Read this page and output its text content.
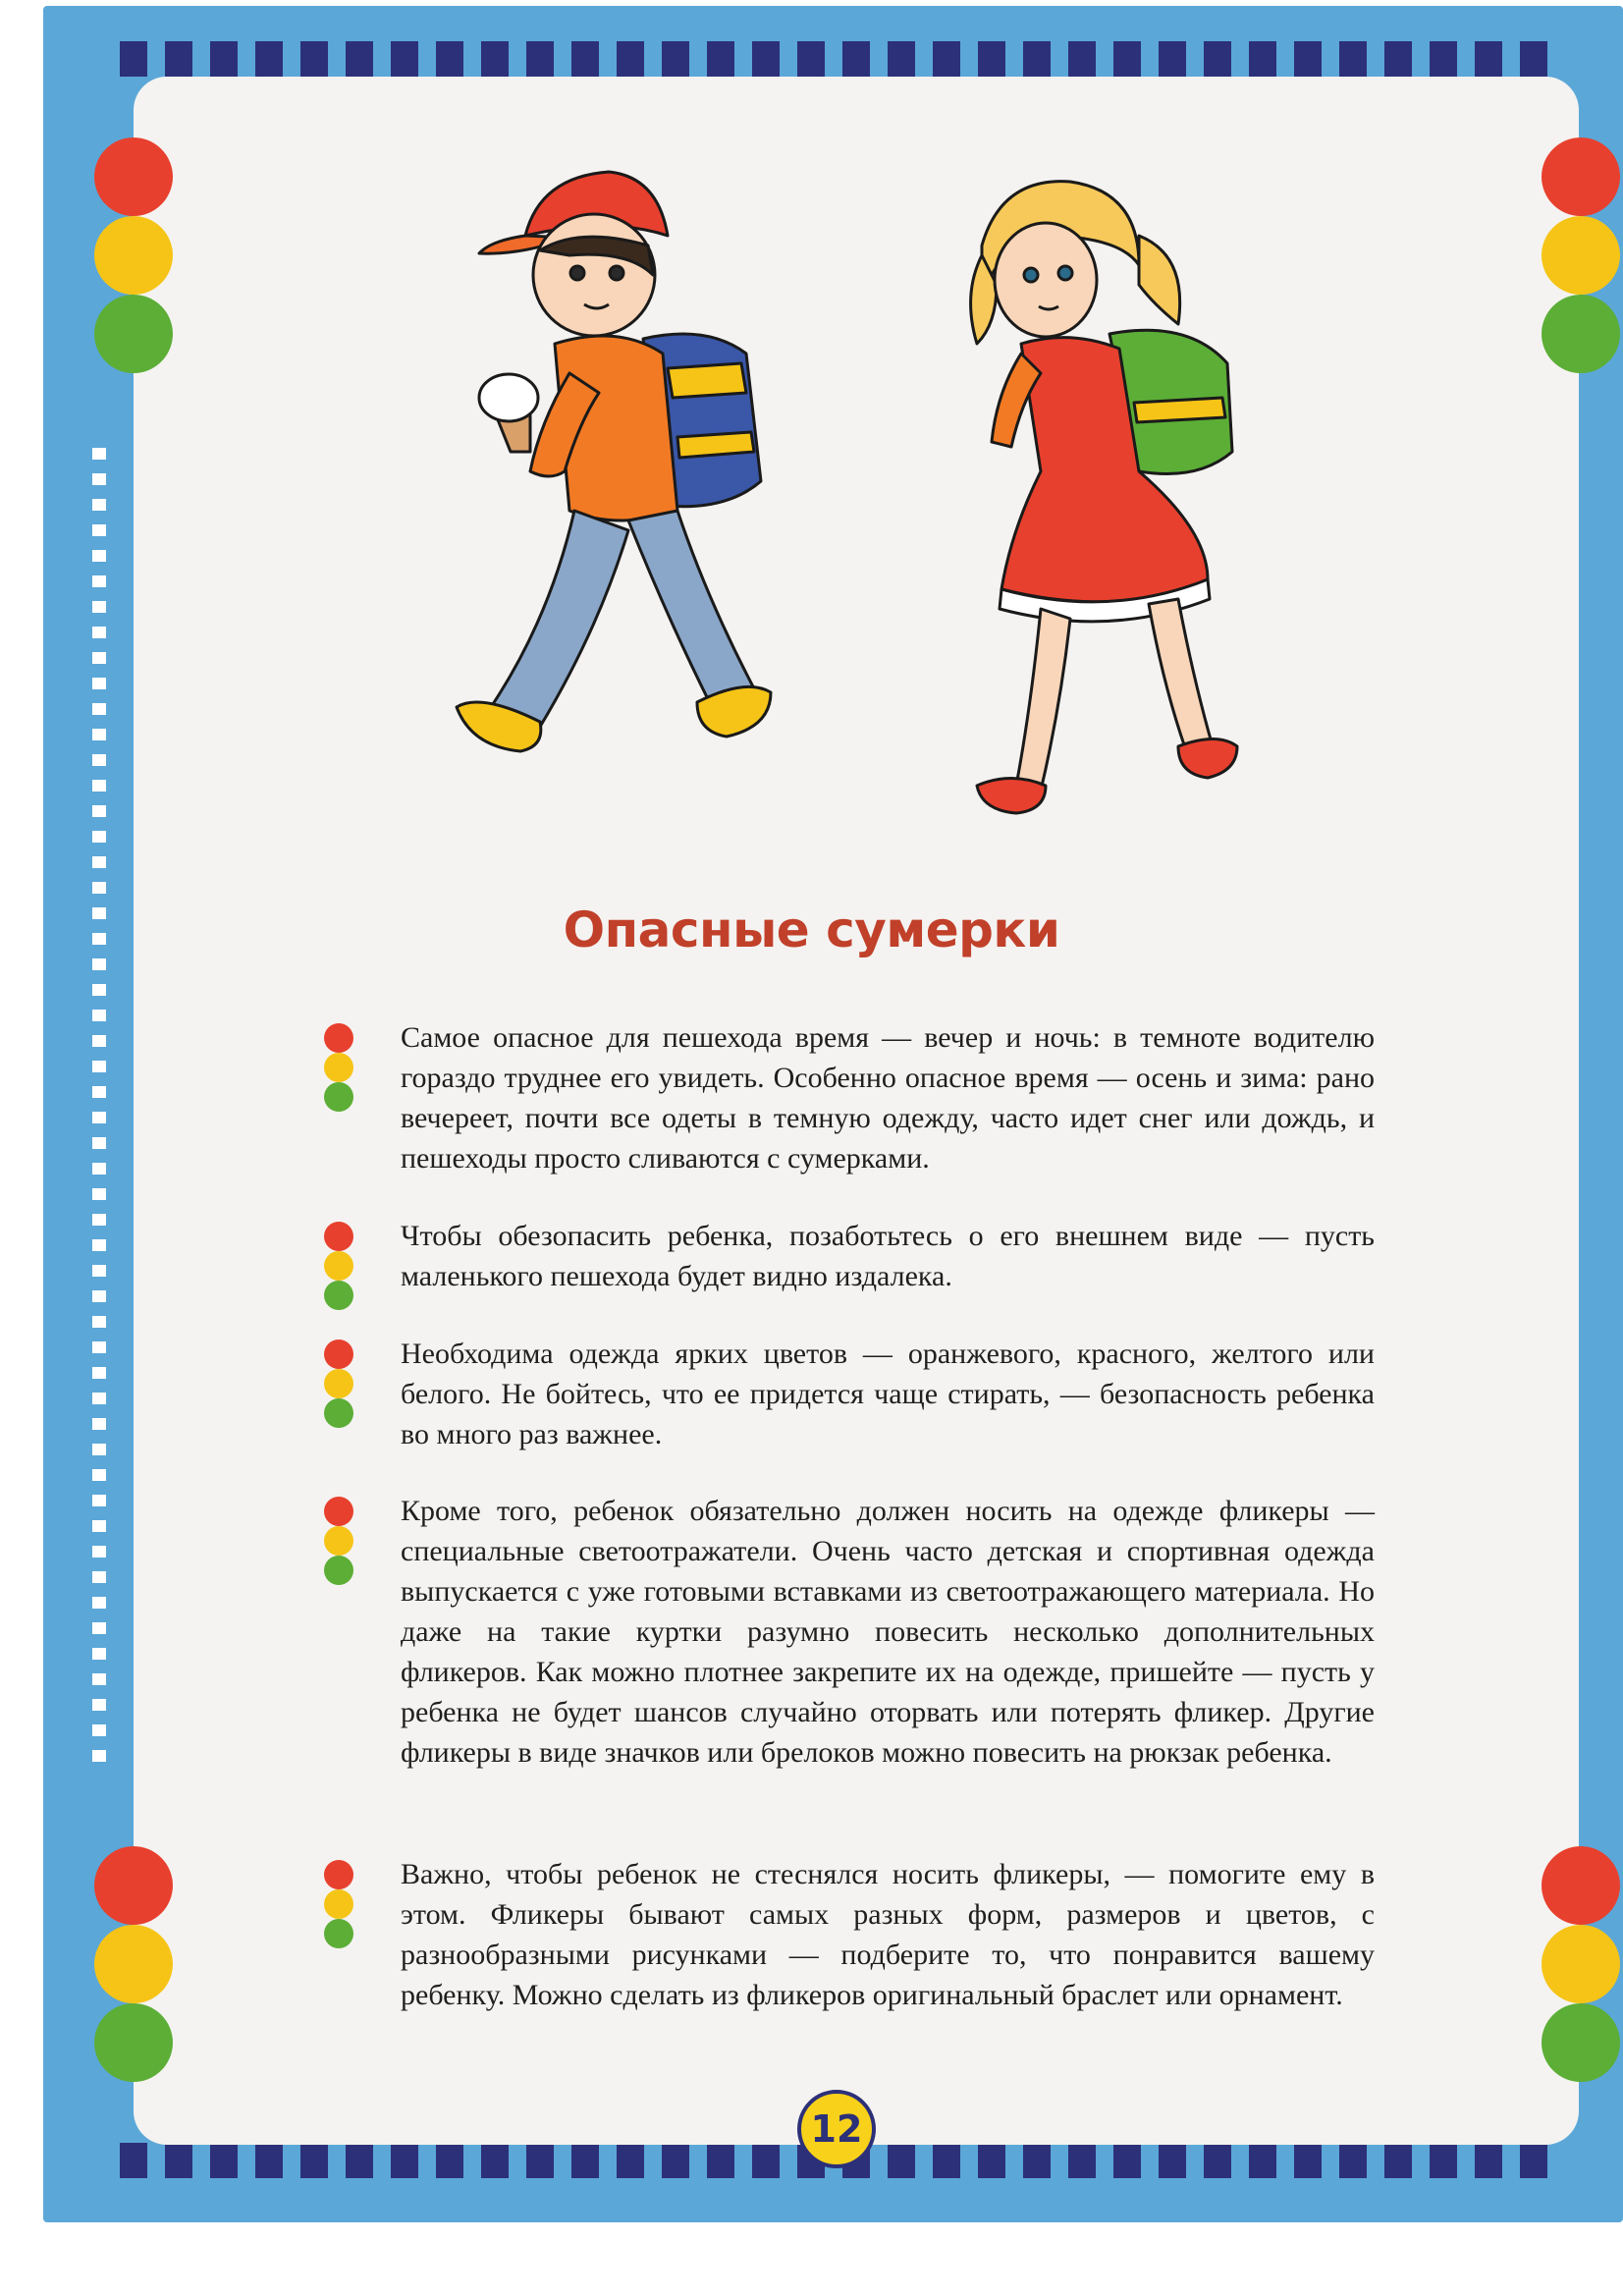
Опасные сумерки

Самое опасное для пешехода время — вечер и ночь: в темноте водителю гораздо труднее его увидеть. Особенно опасное время — осень и зима: рано вечереет, почти все одеты в темную одежду, часто идет снег или дождь, и пешеходы просто сливаются с сумерками.

Чтобы обезопасить ребенка, позаботьтесь о его внешнем виде — пусть маленького пешехода будет видно издалека.

Необходима одежда ярких цветов — оранжевого, красного, желтого или белого. Не бойтесь, что ее придется чаще стирать, — безопасность ребенка во много раз важнее.

Кроме того, ребенок обязательно должен носить на одежде фликеры — специальные светоотражатели. Очень часто детская и спортивная одежда выпускается с уже готовыми вставками из светоотражающего материала. Но даже на такие куртки разумно повесить несколько дополнительных фликеров. Как можно плотнее закрепите их на одежде, пришейте — пусть у ребенка не будет шансов случайно оторвать или потерять фликер. Другие фликеры в виде значков или брелоков можно повесить на рюкзак ребенка.

Важно, чтобы ребенок не стеснялся носить фликеры, — помогите ему в этом. Фликеры бывают самых разных форм, размеров и цветов, с разнообразными рисунками — подберите то, что понравится вашему ребенку. Можно сделать из фликеров оригинальный браслет или орнамент.

12
